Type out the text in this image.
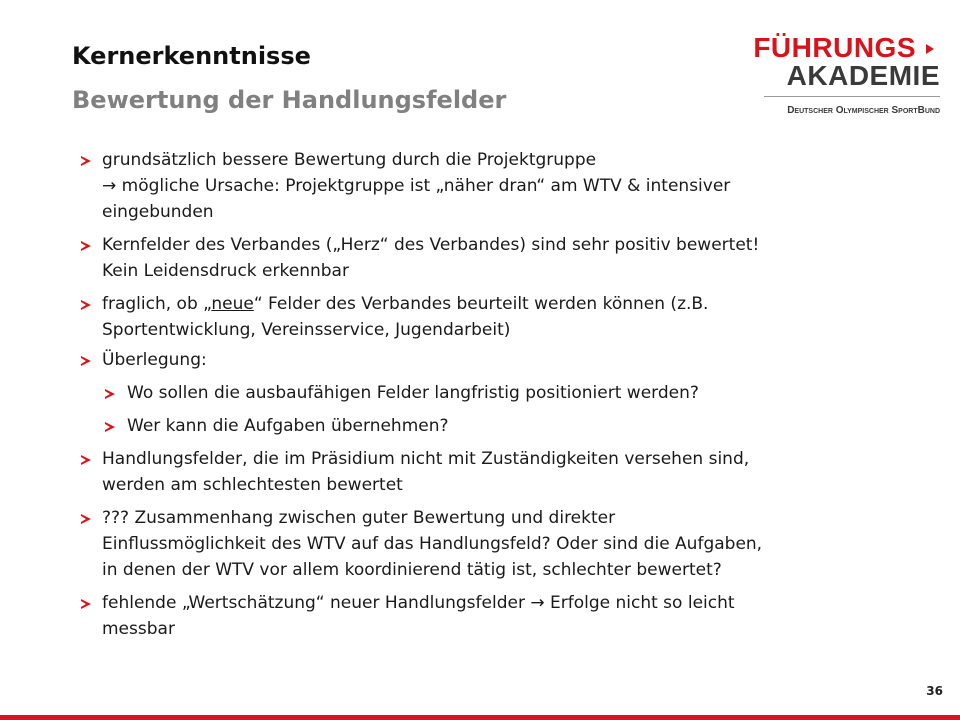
Kernerkenntnisse
Bewertung der Handlungsfelder
FÜHRUNGS
AKADEMIE
Deutscher Olympischer SportBund
grundsätzlich bessere Bewertung durch die Projektgruppe
→ mögliche Ursache: Projektgruppe ist „näher dran“ am WTV & intensiver
eingebunden
Kernfelder des Verbandes („Herz“ des Verbandes) sind sehr positiv bewertet!
Kein Leidensdruck erkennbar
fraglich, ob „neue“ Felder des Verbandes beurteilt werden können (z.B.
Sportentwicklung, Vereinsservice, Jugendarbeit)
Überlegung:
Wo sollen die ausbaufähigen Felder langfristig positioniert werden?
Wer kann die Aufgaben übernehmen?
Handlungsfelder, die im Präsidium nicht mit Zuständigkeiten versehen sind,
werden am schlechtesten bewertet
??? Zusammenhang zwischen guter Bewertung und direkter
Einflussmöglichkeit des WTV auf das Handlungsfeld? Oder sind die Aufgaben,
in denen der WTV vor allem koordinierend tätig ist, schlechter bewertet?
fehlende „Wertschätzung“ neuer Handlungsfelder → Erfolge nicht so leicht
messbar
36
